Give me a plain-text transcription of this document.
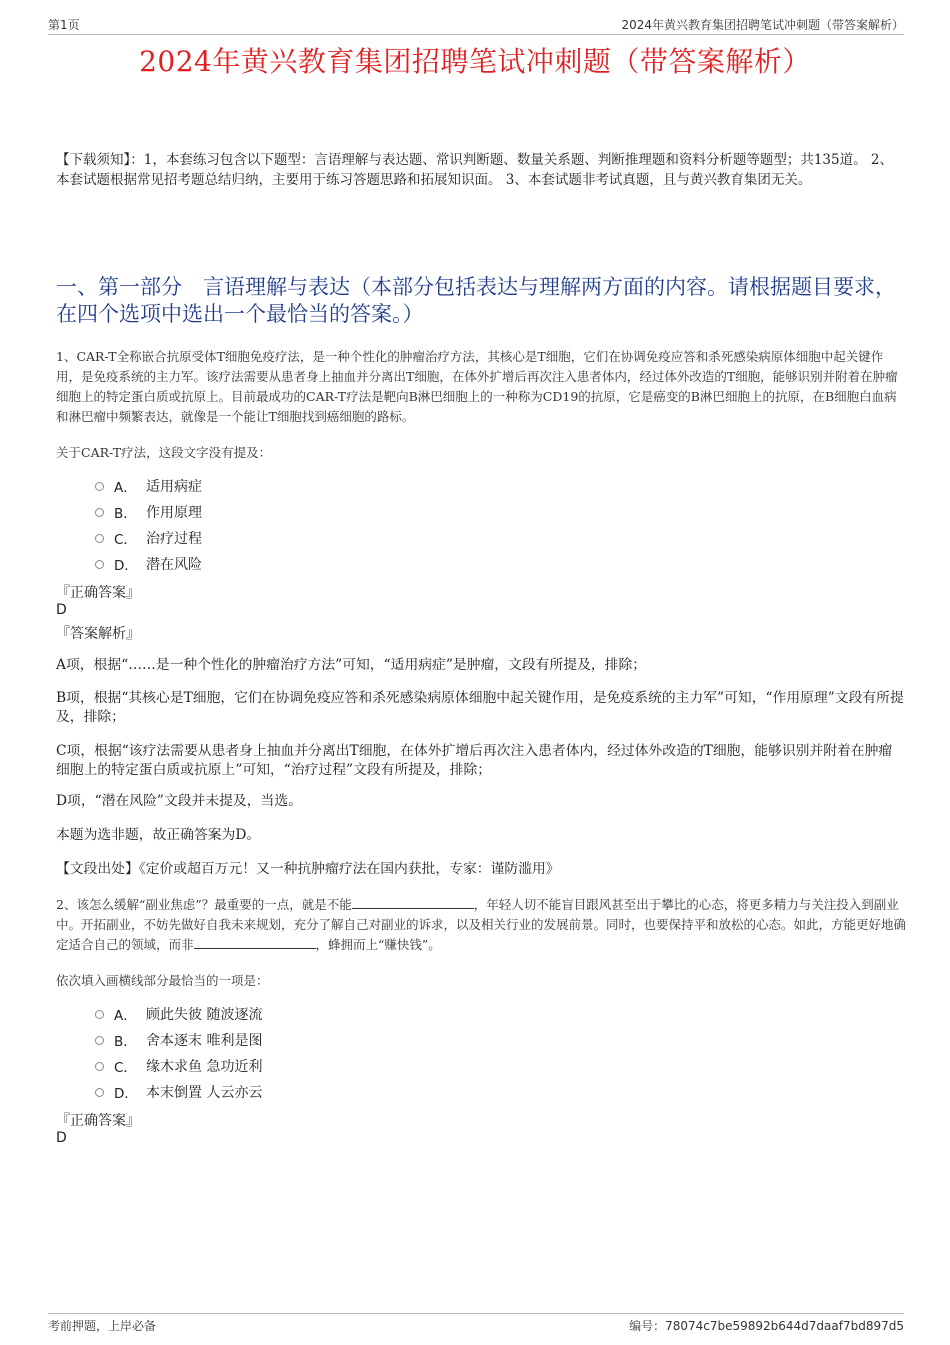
第1页	2024年黄兴教育集团招聘笔试冲刺题（带答案解析）
2024年黄兴教育集团招聘笔试冲刺题（带答案解析）
【下载须知】：1，本套练习包含以下题型：言语理解与表达题、常识判断题、数量关系题、判断推理题和资料分析题等题型；共135道。 2、本套试题根据常见招考题总结归纳，主要用于练习答题思路和拓展知识面。 3、本套试题非考试真题，且与黄兴教育集团无关。
一、第一部分　言语理解与表达（本部分包括表达与理解两方面的内容。请根据题目要求，在四个选项中选出一个最恰当的答案。）
1、CAR-T全称嵌合抗原受体T细胞免疫疗法，是一种个性化的肿瘤治疗方法，其核心是T细胞，它们在协调免疫应答和杀死感染病原体细胞中起关键作用，是免疫系统的主力军。该疗法需要从患者身上抽血并分离出T细胞，在体外扩增后再次注入患者体内，经过体外改造的T细胞，能够识别并附着在肿瘤细胞上的特定蛋白质或抗原上。目前最成功的CAR-T疗法是靶向B淋巴细胞上的一种称为CD19的抗原，它是癌变的B淋巴细胞上的抗原，在B细胞白血病和淋巴瘤中频繁表达，就像是一个能让T细胞找到癌细胞的路标。
关于CAR-T疗法，这段文字没有提及：
A． 适用病症
B． 作用原理
C． 治疗过程
D． 潜在风险
『正确答案』
D
『答案解析』
A项，根据“……是一种个性化的肿瘤治疗方法”可知，“适用病症”是肿瘤，文段有所提及，排除；
B项，根据“其核心是T细胞，它们在协调免疫应答和杀死感染病原体细胞中起关键作用，是免疫系统的主力军”可知，“作用原理”文段有所提及，排除；
C项，根据“该疗法需要从患者身上抽血并分离出T细胞，在体外扩增后再次注入患者体内，经过体外改造的T细胞，能够识别并附着在肿瘤细胞上的特定蛋白质或抗原上”可知，“治疗过程”文段有所提及，排除；
D项，“潜在风险”文段并未提及，当选。
本题为选非题，故正确答案为D。
【文段出处】《定价或超百万元！又一种抗肿瘤疗法在国内获批，专家：谨防滥用》
2、该怎么缓解“副业焦虑”？最重要的一点，就是不能	，年轻人切不能盲目跟风甚至出于攀比的心态，将更多精力与关注投入到副业中。开拓副业，不妨先做好自我未来规划，充分了解自己对副业的诉求，以及相关行业的发展前景。同时，也要保持平和放松的心态。如此，方能更好地确定适合自己的领域，而非	，蜂拥而上“赚快钱”。
依次填入画横线部分最恰当的一项是：
A． 顾此失彼 随波逐流
B． 舍本逐末 唯利是图
C． 缘木求鱼 急功近利
D． 本末倒置 人云亦云
『正确答案』
D
考前押题，上岸必备	编号：78074c7be59892b644d7daaf7bd897d5
